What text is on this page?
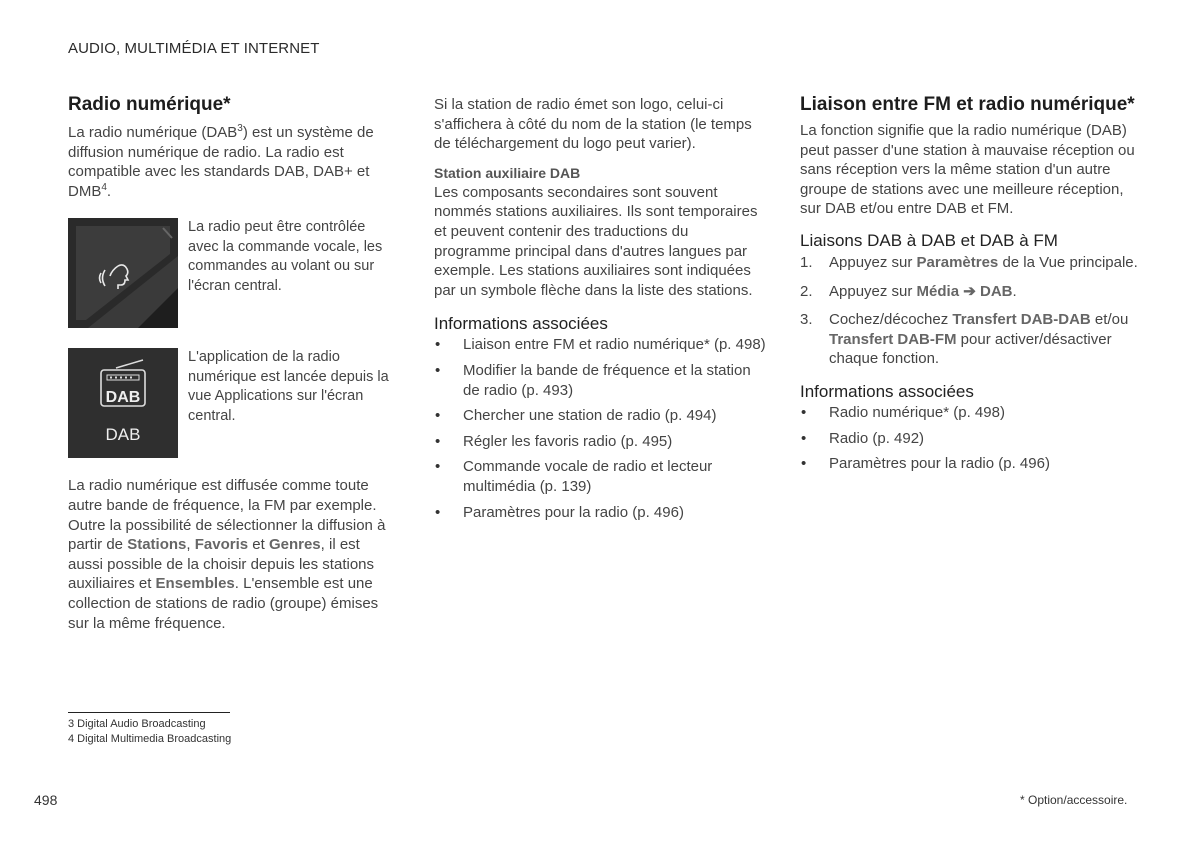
AUDIO, MULTIMÉDIA ET INTERNET
Radio numérique*

La radio numérique (DAB$^3$) est un système de diffusion numérique de radio. La radio est compatible avec les standards DAB, DAB+ et DMB$^4$.

La radio peut être contrôlée avec la commande vocale, les commandes au volant ou sur l'écran central.
DAB
DAB
L'application de la radio numérique est lancée depuis la vue Applications sur l'écran central.

La radio numérique est diffusée comme toute autre bande de fréquence, la FM par exemple. Outre la possibilité de sélectionner la diffusion à partir de Stations, Favoris et Genres, il est aussi possible de la choisir depuis les stations auxiliaires et Ensembles. L'ensemble est une collection de stations de radio (groupe) émises sur la même fréquence.

Si la station de radio émet son logo, celui-ci s'affichera à côté du nom de la station (le temps de téléchargement du logo peut varier).

Station auxiliaire DAB

Les composants secondaires sont souvent nommés stations auxiliaires. Ils sont temporaires et peuvent contenir des traductions du programme principal dans d'autres langues par exemple. Les stations auxiliaires sont indiquées par un symbole flèche dans la liste des stations.

Informations associées
• Liaison entre FM et radio numérique* (p. 498)
• Modifier la bande de fréquence et la station de radio (p. 493)
• Chercher une station de radio (p. 494)
• Régler les favoris radio (p. 495)
• Commande vocale de radio et lecteur multimédia (p. 139)
• Paramètres pour la radio (p. 496)
Liaison entre FM et radio numérique*

La fonction signifie que la radio numérique (DAB) peut passer d'une station à mauvaise réception ou sans réception vers la même station d'un autre groupe de stations avec une meilleure réception, sur DAB et/ou entre DAB et FM.

Liaisons DAB à DAB et DAB à FM
1. Appuyez sur Paramètres de la Vue principale.
2. Appuyez sur Média ➔ DAB.
3. Cochez/décochez Transfert DAB-DAB et/ou Transfert DAB-FM pour activer/désactiver chaque fonction.
Informations associées
• Radio numérique* (p. 498)
• Radio (p. 492)
• Paramètres pour la radio (p. 496)
3 Digital Audio Broadcasting
4 Digital Multimedia Broadcasting
498	* Option/accessoire.
